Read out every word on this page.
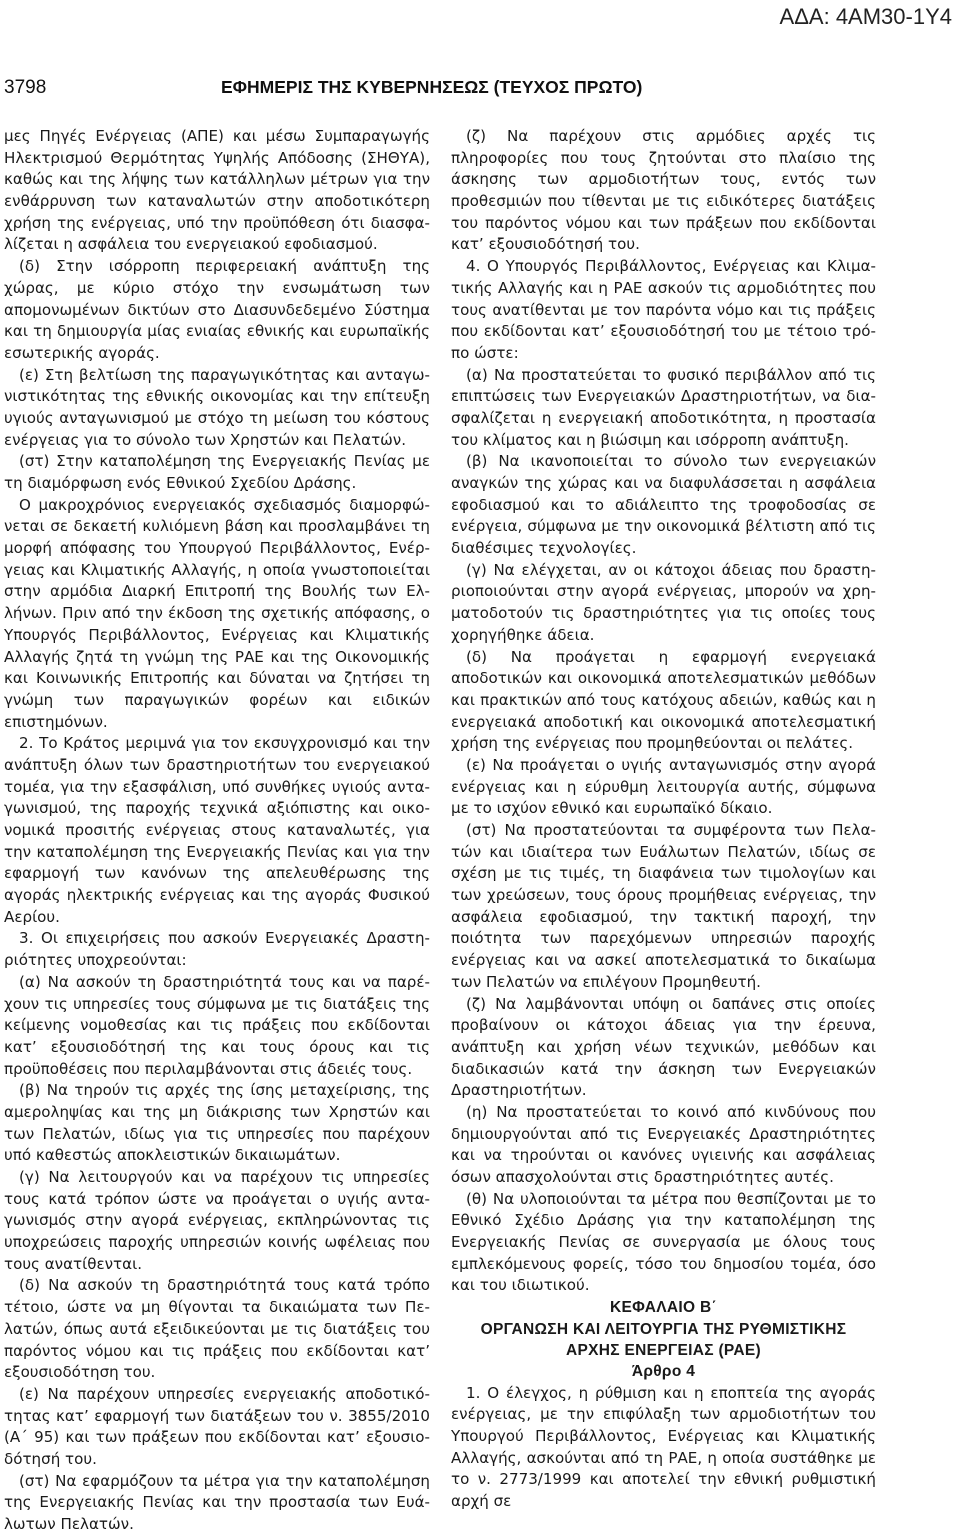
ΑΔΑ: 4ΑΜ30-1Υ4
3798	ΕΦΗΜΕΡΙΣ ΤΗΣ ΚΥΒΕΡΝΗΣΕΩΣ (ΤΕΥΧΟΣ ΠΡΩΤΟ)

μες Πηγές Ενέργειας (ΑΠΕ) και μέσω Συμπαραγωγής Ηλεκτρισμού Θερμότητας Υψηλής Απόδοσης (ΣΗΘΥΑ), καθώς και της λήψης των κατάλληλων μέτρων για την ενθάρρυνση των καταναλωτών στην αποδοτικότερη χρήση της ενέργειας, υπό την προϋπόθεση ότι διασφαλίζεται η ασφάλεια του ενεργειακού εφοδιασμού.

(δ) Στην ισόρροπη περιφερειακή ανάπτυξη της χώρας, με κύριο στόχο την ενσωμάτωση των απομονωμένων δικτύων στο Διασυνδεδεμένο Σύστημα και τη δημιουργία μίας ενιαίας εθνικής και ευρωπαϊκής εσωτερικής αγοράς.

(ε) Στη βελτίωση της παραγωγικότητας και ανταγωνιστικότητας της εθνικής οικονομίας και την επίτευξη υγιούς ανταγωνισμού με στόχο τη μείωση του κόστους ενέργειας για το σύνολο των Χρηστών και Πελατών.

(στ) Στην καταπολέμηση της Ενεργειακής Πενίας με τη διαμόρφωση ενός Εθνικού Σχεδίου Δράσης.

Ο μακροχρόνιος ενεργειακός σχεδιασμός διαμορφώνεται σε δεκαετή κυλιόμενη βάση και προσλαμβάνει τη μορφή απόφασης του Υπουργού Περιβάλλοντος, Ενέργειας και Κλιματικής Αλλαγής, η οποία γνωστοποιείται στην αρμόδια Διαρκή Επιτροπή της Βουλής των Ελλήνων. Πριν από την έκδοση της σχετικής απόφασης, ο Υπουργός Περιβάλλοντος, Ενέργειας και Κλιματικής Αλλαγής ζητά τη γνώμη της ΡΑΕ και της Οικονομικής και Κοινωνικής Επιτροπής και δύναται να ζητήσει τη γνώμη των παραγωγικών φορέων και ειδικών επιστημόνων.

2. Το Κράτος μεριμνά για τον εκσυγχρονισμό και την ανάπτυξη όλων των δραστηριοτήτων του ενεργειακού τομέα, για την εξασφάλιση, υπό συνθήκες υγιούς ανταγωνισμού, της παροχής τεχνικά αξιόπιστης και οικονομικά προσιτής ενέργειας στους καταναλωτές, για την καταπολέμηση της Ενεργειακής Πενίας και για την εφαρμογή των κανόνων της απελευθέρωσης της αγοράς ηλεκτρικής ενέργειας και της αγοράς Φυσικού Αερίου.

3. Οι επιχειρήσεις που ασκούν Ενεργειακές Δραστηριότητες υποχρεούνται:

(α) Να ασκούν τη δραστηριότητά τους και να παρέχουν τις υπηρεσίες τους σύμφωνα με τις διατάξεις της κείμενης νομοθεσίας και τις πράξεις που εκδίδονται κατ’ εξουσιοδότησή της και τους όρους και τις προϋποθέσεις που περιλαμβάνονται στις άδειές τους.

(β) Να τηρούν τις αρχές της ίσης μεταχείρισης, της αμεροληψίας και της μη διάκρισης των Χρηστών και των Πελατών, ιδίως για τις υπηρεσίες που παρέχουν υπό καθεστώς αποκλειστικών δικαιωμάτων.

(γ) Να λειτουργούν και να παρέχουν τις υπηρεσίες τους κατά τρόπον ώστε να προάγεται ο υγιής ανταγωνισμός στην αγορά ενέργειας, εκπληρώνοντας τις υποχρεώσεις παροχής υπηρεσιών κοινής ωφέλειας που τους ανατίθενται.

(δ) Να ασκούν τη δραστηριότητά τους κατά τρόπο τέτοιο, ώστε να μη θίγονται τα δικαιώματα των Πελατών, όπως αυτά εξειδικεύονται με τις διατάξεις του παρόντος νόμου και τις πράξεις που εκδίδονται κατ’ εξουσιοδότηση του.

(ε) Να παρέχουν υπηρεσίες ενεργειακής αποδοτικότητας κατ’ εφαρμογή των διατάξεων του ν. 3855/2010 (Α΄ 95) και των πράξεων που εκδίδονται κατ’ εξουσιοδότησή του.

(στ) Να εφαρμόζουν τα μέτρα για την καταπολέμηση της Ενεργειακής Πενίας και την προστασία των Ευάλωτων Πελατών.

(ζ) Να παρέχουν στις αρμόδιες αρχές τις πληροφορίες που τους ζητούνται στο πλαίσιο της άσκησης των αρμοδιοτήτων τους, εντός των προθεσμιών που τίθενται με τις ειδικότερες διατάξεις του παρόντος νόμου και των πράξεων που εκδίδονται κατ’ εξουσιοδότησή του.

4. Ο Υπουργός Περιβάλλοντος, Ενέργειας και Κλιματικής Αλλαγής και η ΡΑΕ ασκούν τις αρμοδιότητες που τους ανατίθενται με τον παρόντα νόμο και τις πράξεις που εκδίδονται κατ’ εξουσιοδότησή του με τέτοιο τρόπο ώστε:

(α) Να προστατεύεται το φυσικό περιβάλλον από τις επιπτώσεις των Ενεργειακών Δραστηριοτήτων, να διασφαλίζεται η ενεργειακή αποδοτικότητα, η προστασία του κλίματος και η βιώσιμη και ισόρροπη ανάπτυξη.

(β) Να ικανοποιείται το σύνολο των ενεργειακών αναγκών της χώρας και να διαφυλάσσεται η ασφάλεια εφοδιασμού και το αδιάλειπτο της τροφοδοσίας σε ενέργεια, σύμφωνα με την οικονομικά βέλτιστη από τις διαθέσιμες τεχνολογίες.

(γ) Να ελέγχεται, αν οι κάτοχοι άδειας που δραστηριοποιούνται στην αγορά ενέργειας, μπορούν να χρηματοδοτούν τις δραστηριότητες για τις οποίες τους χορηγήθηκε άδεια.

(δ) Να προάγεται η εφαρμογή ενεργειακά αποδοτικών και οικονομικά αποτελεσματικών μεθόδων και πρακτικών από τους κατόχους αδειών, καθώς και η ενεργειακά αποδοτική και οικονομικά αποτελεσματική χρήση της ενέργειας που προμηθεύονται οι πελάτες.

(ε) Να προάγεται ο υγιής ανταγωνισμός στην αγορά ενέργειας και η εύρυθμη λειτουργία αυτής, σύμφωνα με το ισχύον εθνικό και ευρωπαϊκό δίκαιο.

(στ) Να προστατεύονται τα συμφέροντα των Πελατών και ιδιαίτερα των Ευάλωτων Πελατών, ιδίως σε σχέση με τις τιμές, τη διαφάνεια των τιμολογίων και των χρεώσεων, τους όρους προμήθειας ενέργειας, την ασφάλεια εφοδιασμού, την τακτική παροχή, την ποιότητα των παρεχόμενων υπηρεσιών παροχής ενέργειας και να ασκεί αποτελεσματικά το δικαίωμα των Πελατών να επιλέγουν Προμηθευτή.

(ζ) Να λαμβάνονται υπόψη οι δαπάνες στις οποίες προβαίνουν οι κάτοχοι άδειας για την έρευνα, ανάπτυξη και χρήση νέων τεχνικών, μεθόδων και διαδικασιών κατά την άσκηση των Ενεργειακών Δραστηριοτήτων.

(η) Να προστατεύεται το κοινό από κινδύνους που δημιουργούνται από τις Ενεργειακές Δραστηριότητες και να τηρούνται οι κανόνες υγιεινής και ασφάλειας όσων απασχολούνται στις δραστηριότητες αυτές.

(θ) Να υλοποιούνται τα μέτρα που θεσπίζονται με το Εθνικό Σχέδιο Δράσης για την καταπολέμηση της Ενεργειακής Πενίας σε συνεργασία με όλους τους εμπλεκόμενους φορείς, τόσο του δημοσίου τομέα, όσο και του ιδιωτικού.

ΚΕΦΑΛΑΙΟ Β΄

ΟΡΓΑΝΩΣΗ ΚΑΙ ΛΕΙΤΟΥΡΓΙΑ ΤΗΣ ΡΥΘΜΙΣΤΙΚΗΣ

ΑΡΧΗΣ ΕΝΕΡΓΕΙΑΣ (ΡΑΕ)

Άρθρο 4

1. Ο έλεγχος, η ρύθμιση και η εποπτεία της αγοράς ενέργειας, με την επιφύλαξη των αρμοδιοτήτων του Υπουργού Περιβάλλοντος, Ενέργειας και Κλιματικής Αλλαγής, ασκούνται από τη ΡΑΕ, η οποία συστάθηκε με το ν. 2773/1999 και αποτελεί την εθνική ρυθμιστική αρχή σε
